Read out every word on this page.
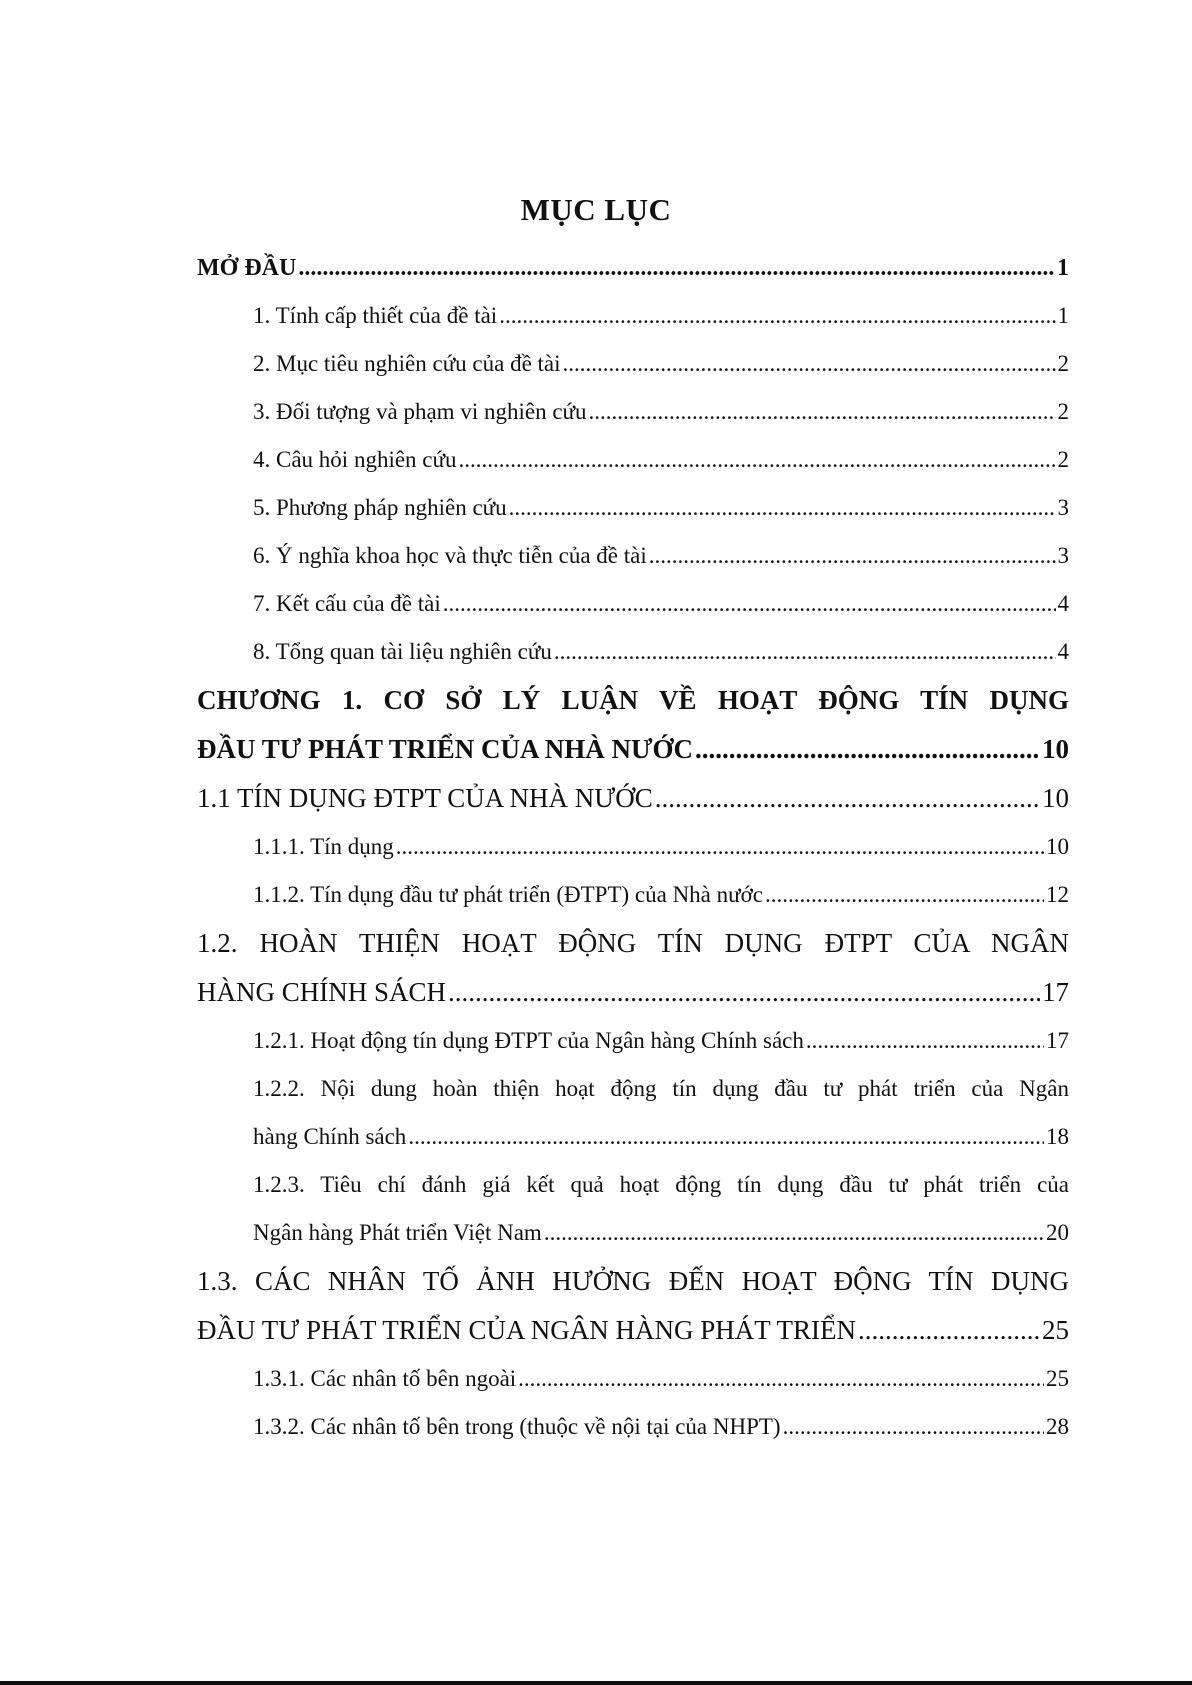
MỤC LỤC
MỞ ĐẦU .....	1
1. Tính cấp thiết của đề tài .....	1
2. Mục tiêu nghiên cứu của đề tài .....	2
3. Đối tượng và phạm vi nghiên cứu .....	2
4. Câu hỏi nghiên cứu .....	2
5. Phương pháp nghiên cứu .....	3
6. Ý nghĩa khoa học và thực tiễn của đề tài .....	3
7. Kết cấu của đề tài .....	4
8. Tổng quan tài liệu nghiên cứu .....	4
CHƯƠNG 1. CƠ SỞ LÝ LUẬN VỀ HOẠT ĐỘNG TÍN DỤNG
ĐẦU TƯ PHÁT TRIỂN CỦA NHÀ NƯỚC .....	10
1.1 TÍN DỤNG ĐTPT CỦA NHÀ NƯỚC .....	10
1.1.1. Tín dụng .....	10
1.1.2. Tín dụng đầu tư phát triển (ĐTPT) của Nhà nước .....	12
1.2. HOÀN THIỆN HOẠT ĐỘNG TÍN DỤNG ĐTPT CỦA NGÂN
HÀNG CHÍNH SÁCH .....	17
1.2.1. Hoạt động tín dụng ĐTPT của Ngân hàng Chính sách .....	17
1.2.2. Nội dung hoàn thiện hoạt động tín dụng đầu tư phát triển của Ngân
hàng Chính sách .....	18
1.2.3. Tiêu chí đánh giá kết quả hoạt động tín dụng đầu tư phát triển của
Ngân hàng Phát triển Việt Nam .....	20
1.3. CÁC NHÂN TỐ ẢNH HƯỞNG ĐẾN HOẠT ĐỘNG TÍN DỤNG
ĐẦU TƯ PHÁT TRIỂN CỦA NGÂN HÀNG PHÁT TRIỂN .....	25
1.3.1. Các nhân tố bên ngoài .....	25
1.3.2. Các nhân tố bên trong (thuộc về nội tại của NHPT) .....	28
